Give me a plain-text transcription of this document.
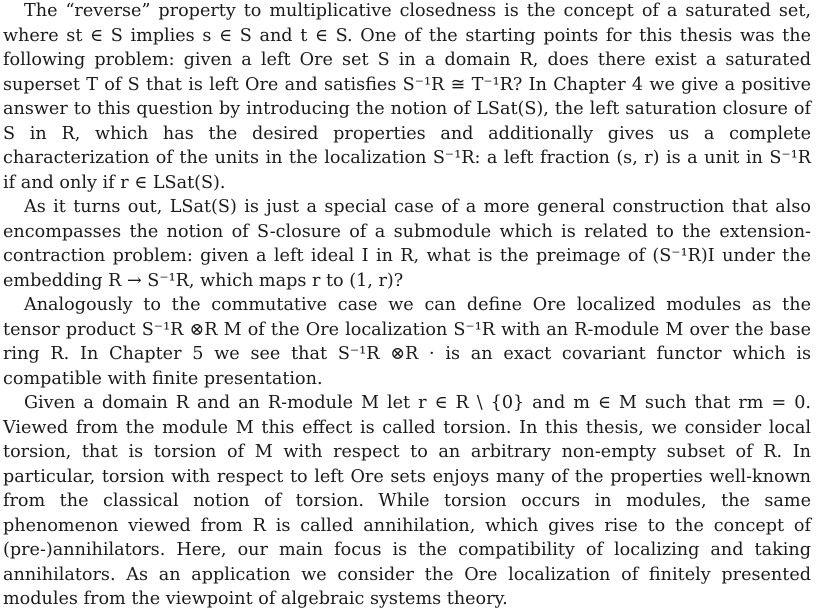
The “reverse” property to multiplicative closedness is the concept of a saturated set, where st ∈ S implies s ∈ S and t ∈ S. One of the starting points for this thesis was the following problem: given a left Ore set S in a domain R, does there exist a saturated superset T of S that is left Ore and satisfies S⁻¹R ≅ T⁻¹R? In Chapter 4 we give a positive answer to this question by introducing the notion of LSat(S), the left saturation closure of S in R, which has the desired properties and additionally gives us a complete characterization of the units in the localization S⁻¹R: a left fraction (s, r) is a unit in S⁻¹R if and only if r ∈ LSat(S).

As it turns out, LSat(S) is just a special case of a more general construction that also encompasses the notion of S-closure of a submodule which is related to the extension-contraction problem: given a left ideal I in R, what is the preimage of (S⁻¹R)I under the embedding R → S⁻¹R, which maps r to (1, r)?

Analogously to the commutative case we can define Ore localized modules as the tensor product S⁻¹R ⊗R M of the Ore localization S⁻¹R with an R-module M over the base ring R. In Chapter 5 we see that S⁻¹R ⊗R · is an exact covariant functor which is compatible with finite presentation.

Given a domain R and an R-module M let r ∈ R \ {0} and m ∈ M such that rm = 0. Viewed from the module M this effect is called torsion. In this thesis, we consider local torsion, that is torsion of M with respect to an arbitrary non-empty subset of R. In particular, torsion with respect to left Ore sets enjoys many of the properties well-known from the classical notion of torsion. While torsion occurs in modules, the same phenomenon viewed from R is called annihilation, which gives rise to the concept of (pre-)annihilators. Here, our main focus is the compatibility of localizing and taking annihilators. As an application we consider the Ore localization of finitely presented modules from the viewpoint of algebraic systems theory.
